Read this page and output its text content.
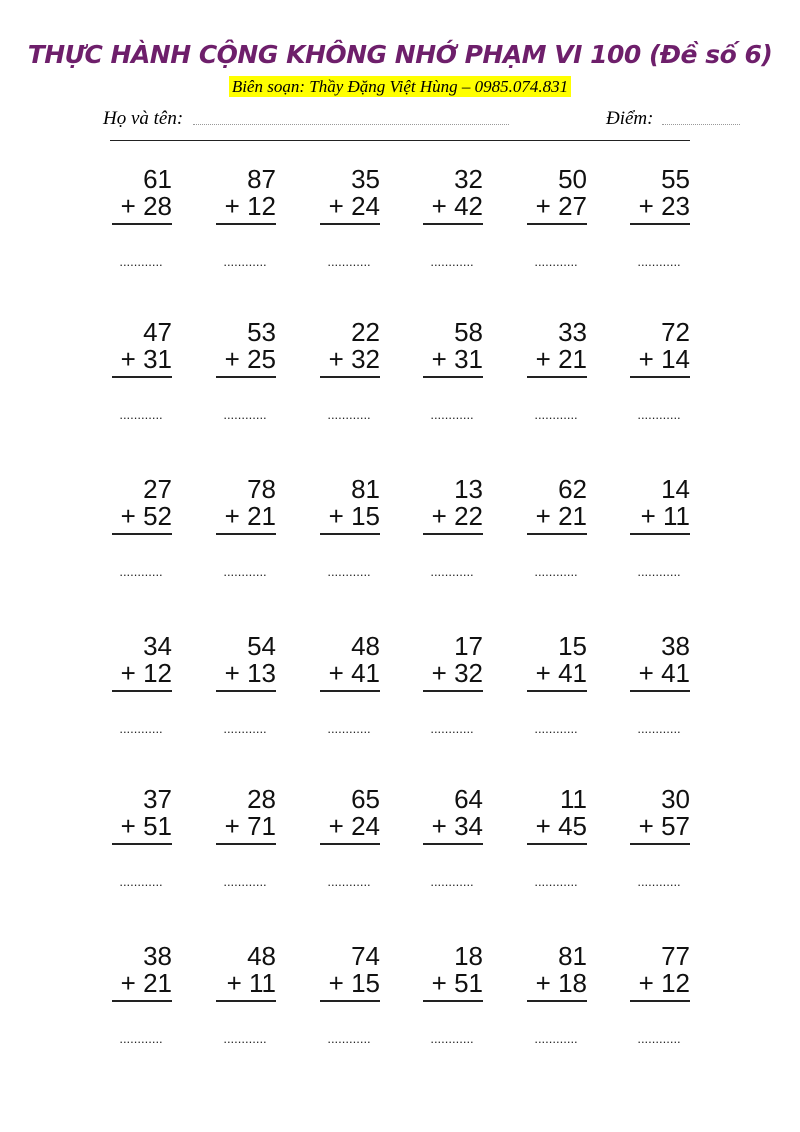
THỰC HÀNH CỘNG KHÔNG NHỚ PHẠM VI 100 (Đề số 6)
Biên soạn: Thầy Đặng Việt Hùng – 0985.074.831
Họ và tên:	Điểm:
61
+ 28
............
87
+ 12
............
35
+ 24
............
32
+ 42
............
50
+ 27
............
55
+ 23
............
47
+ 31
............
53
+ 25
............
22
+ 32
............
58
+ 31
............
33
+ 21
............
72
+ 14
............
27
+ 52
............
78
+ 21
............
81
+ 15
............
13
+ 22
............
62
+ 21
............
14
+ 11
............
34
+ 12
............
54
+ 13
............
48
+ 41
............
17
+ 32
............
15
+ 41
............
38
+ 41
............
37
+ 51
............
28
+ 71
............
65
+ 24
............
64
+ 34
............
11
+ 45
............
30
+ 57
............
38
+ 21
............
48
+ 11
............
74
+ 15
............
18
+ 51
............
81
+ 18
............
77
+ 12
............
